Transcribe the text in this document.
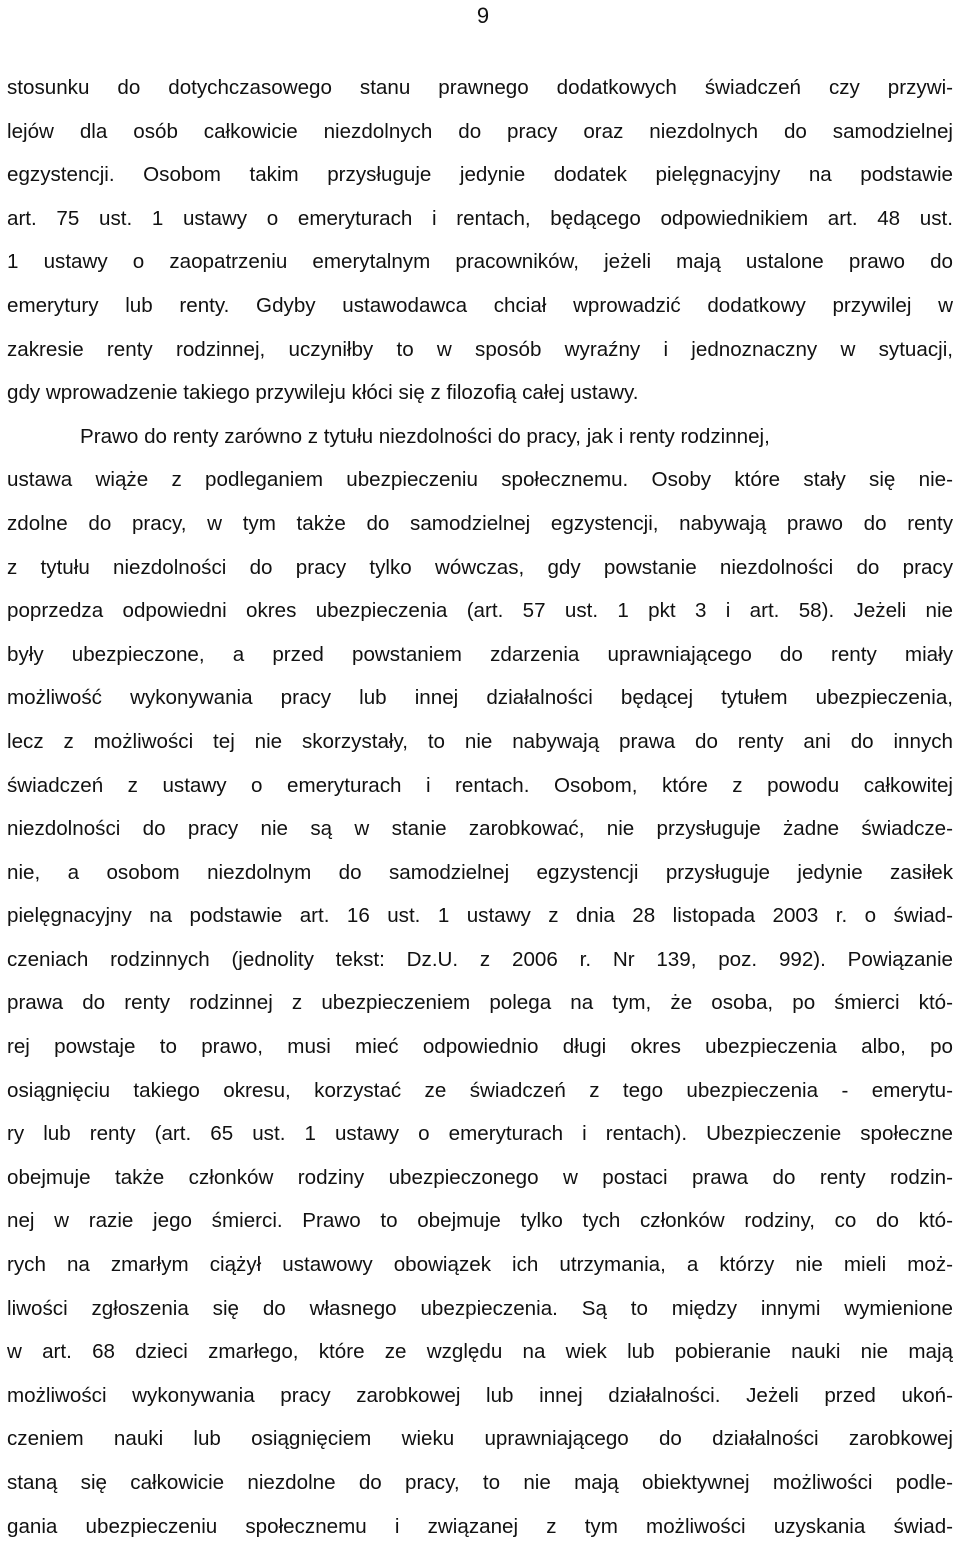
9
stosunku do dotychczasowego stanu prawnego dodatkowych świadczeń czy przywi-
lejów dla osób całkowicie niezdolnych do pracy oraz niezdolnych do samodzielnej
egzystencji. Osobom takim przysługuje jedynie dodatek pielęgnacyjny na podstawie
art. 75 ust. 1 ustawy o emeryturach i rentach, będącego odpowiednikiem art. 48 ust.
1 ustawy o zaopatrzeniu emerytalnym pracowników, jeżeli mają ustalone prawo do
emerytury lub renty. Gdyby ustawodawca chciał wprowadzić dodatkowy przywilej w
zakresie renty rodzinnej, uczyniłby to w sposób wyraźny i jednoznaczny w sytuacji,
gdy wprowadzenie takiego przywileju kłóci się z filozofią całej ustawy.
Prawo do renty zarówno z tytułu niezdolności do pracy, jak i renty rodzinnej,
ustawa wiąże z podleganiem ubezpieczeniu społecznemu. Osoby które stały się nie-
zdolne do pracy, w tym także do samodzielnej egzystencji, nabywają prawo do renty
z tytułu niezdolności do pracy tylko wówczas, gdy powstanie niezdolności do pracy
poprzedza odpowiedni okres ubezpieczenia (art. 57 ust. 1 pkt 3 i art. 58). Jeżeli nie
były ubezpieczone, a przed powstaniem zdarzenia uprawniającego do renty miały
możliwość wykonywania pracy lub innej działalności będącej tytułem ubezpieczenia,
lecz z możliwości tej nie skorzystały, to nie nabywają prawa do renty ani do innych
świadczeń z ustawy o emeryturach i rentach. Osobom, które z powodu całkowitej
niezdolności do pracy nie są w stanie zarobkować, nie przysługuje żadne świadcze-
nie, a osobom niezdolnym do samodzielnej egzystencji przysługuje jedynie zasiłek
pielęgnacyjny na podstawie art. 16 ust. 1 ustawy z dnia 28 listopada 2003 r. o świad-
czeniach rodzinnych (jednolity tekst: Dz.U. z 2006 r. Nr 139, poz. 992). Powiązanie
prawa do renty rodzinnej z ubezpieczeniem polega na tym, że osoba, po śmierci któ-
rej powstaje to prawo, musi mieć odpowiednio długi okres ubezpieczenia albo, po
osiągnięciu takiego okresu, korzystać ze świadczeń z tego ubezpieczenia - emerytu-
ry lub renty (art. 65 ust. 1 ustawy o emeryturach i rentach). Ubezpieczenie społeczne
obejmuje także członków rodziny ubezpieczonego w postaci prawa do renty rodzin-
nej w razie jego śmierci. Prawo to obejmuje tylko tych członków rodziny, co do któ-
rych na zmarłym ciążył ustawowy obowiązek ich utrzymania, a którzy nie mieli moż-
liwości zgłoszenia się do własnego ubezpieczenia. Są to między innymi wymienione
w art. 68 dzieci zmarłego, które ze względu na wiek lub pobieranie nauki nie mają
możliwości wykonywania pracy zarobkowej lub innej działalności. Jeżeli przed ukoń-
czeniem nauki lub osiągnięciem wieku uprawniającego do działalności zarobkowej
staną się całkowicie niezdolne do pracy, to nie mają obiektywnej możliwości podle-
gania ubezpieczeniu społecznemu i związanej z tym możliwości uzyskania świad-
